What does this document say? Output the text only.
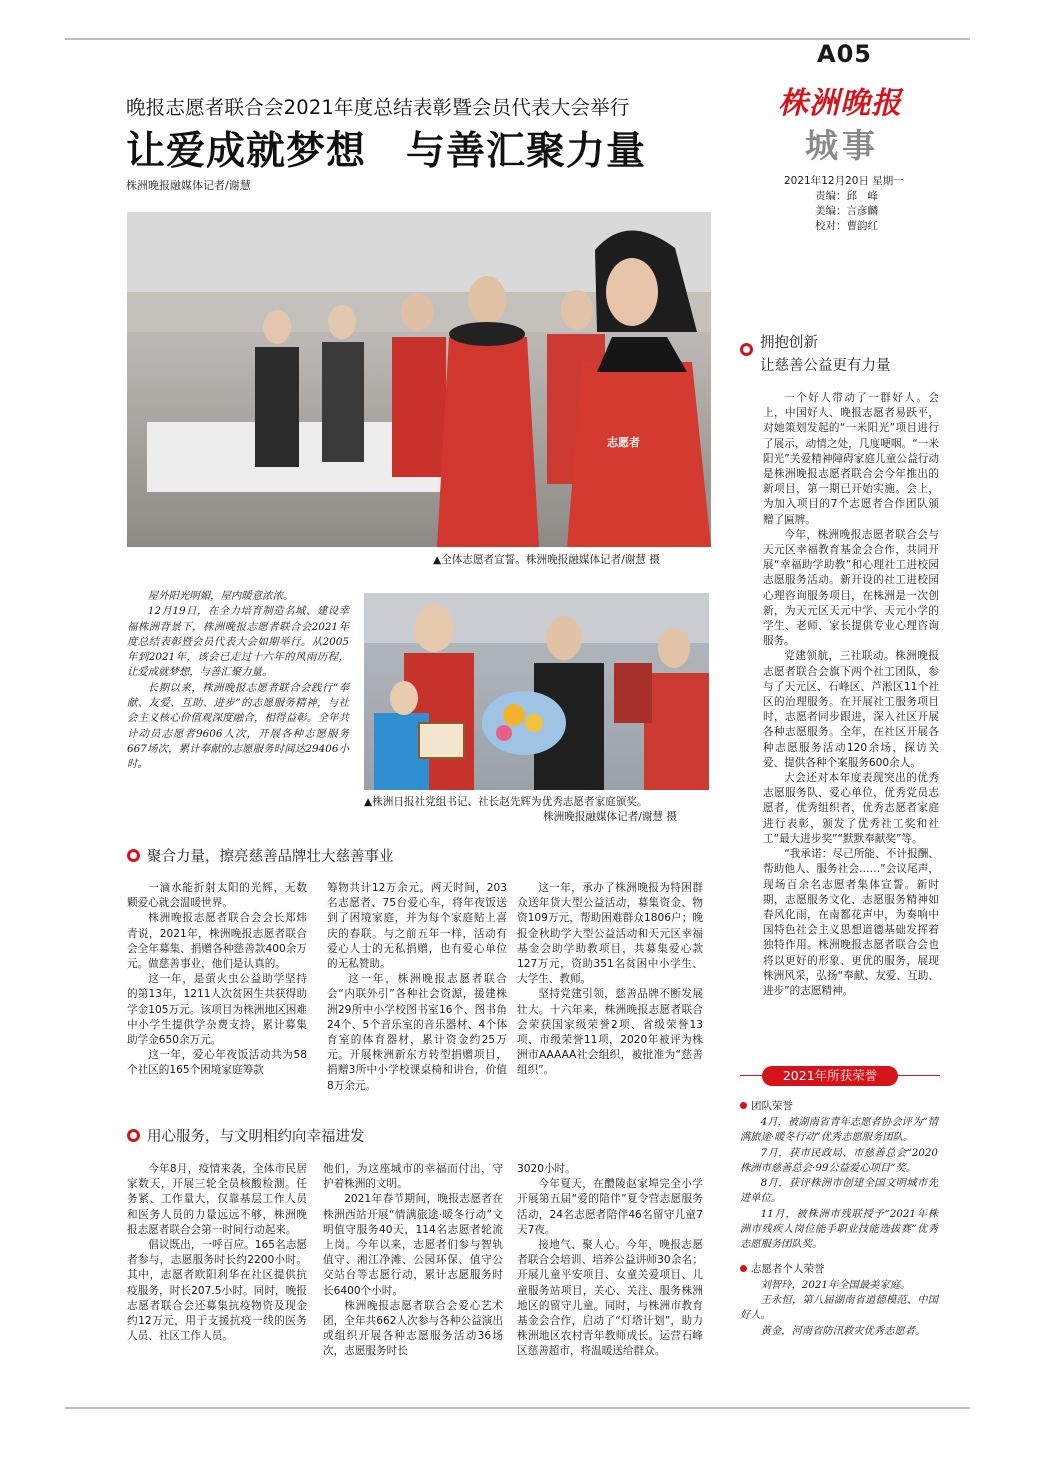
A05
株洲晚报
城事
2021年12月20日 星期一
责编：邱　峰
美编：言彦麟
校对：曹韵红
晚报志愿者联合会2021年度总结表彰暨会员代表大会举行
让爱成就梦想　与善汇聚力量
株洲晚报融媒体记者/谢慧
志愿者
▲全体志愿者宣誓。株洲晚报融媒体记者/谢慧 摄
▲株洲日报社党组书记、社长赵先辉为优秀志愿者家庭颁奖。
株洲晚报融媒体记者/谢慧 摄

屋外阳光明媚，屋内暖意浓浓。

12月19日，在全力培育制造名城、建设幸福株洲背景下，株洲晚报志愿者联合会2021年度总结表彰暨会员代表大会如期举行。从2005年到2021年，该会已走过十六年的风雨历程，让爱成就梦想，与善汇聚力量。

长期以来，株洲晚报志愿者联合会践行“奉献、友爱、互助、进步”的志愿服务精神，与社会主义核心价值观深度融合，相得益彰。全年共计动员志愿者9606人次，开展各种志愿服务667场次，累计奉献的志愿服务时间达29406小时。

聚合力量，擦亮慈善品牌壮大慈善事业

一滴水能折射太阳的光辉，无数颗爱心就会温暖世界。

株洲晚报志愿者联合会会长郑炜青说，2021年，株洲晚报志愿者联合会全年募集、捐赠各种慈善款400余万元。做慈善事业，他们是认真的。

这一年，是萤火虫公益助学坚持的第13年，1211人次贫困生共获得助学金105万元。该项目为株洲地区困难中小学生提供学杂费支持，累计募集助学金650余万元。

这一年，爱心年夜饭活动共为58个社区的165个困境家庭筹款

筹物共计12万余元。两天时间，203名志愿者、75台爱心车，将年夜饭送到了困境家庭，并为每个家庭贴上喜庆的春联。与之前五年一样，活动有爱心人士的无私捐赠，也有爱心单位的无私赞助。

这一年，株洲晚报志愿者联合会“内联外引”各种社会资源，援建株洲29所中小学校图书室16个、图书角24个、5个音乐室的音乐器材、4个体育室的体育器材，累计资金约25万元。开展株洲新东方转型捐赠项目，捐赠3所中小学校课桌椅和讲台，价值8万余元。

这一年，承办了株洲晚报为特困群众送年货大型公益活动，募集资金、物资109万元，帮助困难群众1806户；晚报金秋助学大型公益活动和天元区幸福基金会助学助教项目，共募集爱心款127万元，资助351名贫困中小学生、大学生、教师。

坚持党建引领，慈善品牌不断发展壮大。十六年来，株洲晚报志愿者联合会荣获国家级荣誉2项、省级荣誉13项、市级荣誉11项，2020年被评为株洲市AAAAA社会组织，被批准为“慈善组织”。

用心服务，与文明相约向幸福进发

今年8月，疫情来袭，全体市民居家数天，开展三轮全员核酸检测。任务紧、工作量大，仅靠基层工作人员和医务人员的力量远远不够，株洲晚报志愿者联合会第一时间行动起来。

倡议既出，一呼百应。165名志愿者参与，志愿服务时长约2200小时。其中，志愿者欧阳利华在社区提供抗疫服务，时长207.5小时。同时，晚报志愿者联合会还募集抗疫物资及现金约12万元，用于支援抗疫一线的医务人员、社区工作人员。

他们，为这座城市的幸福而付出，守护着株洲的文明。

2021年春节期间，晚报志愿者在株洲西站开展“情满旅途·暖冬行动”文明值守服务40天，114名志愿者轮流上岗。今年以来，志愿者们参与智轨值守、湘江净滩、公园环保、值守公交站台等志愿行动，累计志愿服务时长6400个小时。

株洲晚报志愿者联合会爱心艺术团，全年共662人次参与各种公益演出或组织开展各种志愿服务活动36场次，志愿服务时长

3020小时。

今年夏天，在醴陵赵家埠完全小学开展第五届“爱的陪伴”夏令营志愿服务活动，24名志愿者陪伴46名留守儿童7天7夜。

接地气、聚人心。今年，晚报志愿者联合会培训、培养公益讲师30余名；开展儿童平安项目、女童关爱项目、儿童服务站项目，关心、关注、服务株洲地区的留守儿童。同时，与株洲市教育基金会合作，启动了“灯塔计划”，助力株洲地区农村青年教师成长。运营石峰区慈善超市，将温暖送给群众。

拥抱创新
让慈善公益更有力量

一个好人带动了一群好人。会上，中国好人、晚报志愿者易跃平，对她策划发起的“一米阳光”项目进行了展示，动情之处，几度哽咽。“一米阳光”关爱精神障碍家庭儿童公益行动是株洲晚报志愿者联合会今年推出的新项目，第一期已开始实施。会上，为加入项目的7个志愿者合作团队颁赠了匾牌。

今年，株洲晚报志愿者联合会与天元区幸福教育基金会合作，共同开展“幸福助学助教”和心理社工进校园志愿服务活动。新开设的社工进校园心理咨询服务项目，在株洲是一次创新，为天元区天元中学、天元小学的学生、老师、家长提供专业心理咨询服务。

党建领航，三社联动。株洲晚报志愿者联合会旗下两个社工团队，参与了天元区、石峰区、芦淞区11个社区的治理服务。在开展社工服务项目时，志愿者同步跟进，深入社区开展各种志愿服务。全年，在社区开展各种志愿服务活动120余场，探访关爱、提供各种个案服务600余人。

大会还对本年度表现突出的优秀志愿服务队、爱心单位，优秀党员志愿者，优秀组织者，优秀志愿者家庭进行表彰，颁发了优秀社工奖和社工“最大进步奖”“默默奉献奖”等。

“我承诺：尽己所能、不计报酬、帮助他人、服务社会……”会议尾声，现场百余名志愿者集体宣誓。新时期，志愿服务文化、志愿服务精神如春风化雨，在南都花声中，为奏响中国特色社会主义思想道德基础发挥着独特作用。株洲晚报志愿者联合会也将以更好的形象、更优的服务，展现株洲风采，弘扬“奉献、友爱、互助、进步”的志愿精神。

2021年所获荣誉
团队荣誉

4月，被湖南省青年志愿者协会评为“情满旅途·暖冬行动”优秀志愿服务团队。

7月，获市民政局、市慈善总会“2020株洲市慈善总会·99公益爱心项目”奖。

8月，获评株洲市创建全国文明城市先进单位。

11月，被株洲市残联授予“2021年株洲市残疾人岗位能手职业技能选拔赛”优秀志愿服务团队奖。

志愿者个人荣誉

刘智玲，2021年全国最美家庭。

王永恒，第八届湖南省道德模范、中国好人。

黄金，河南省防汛救灾优秀志愿者。
